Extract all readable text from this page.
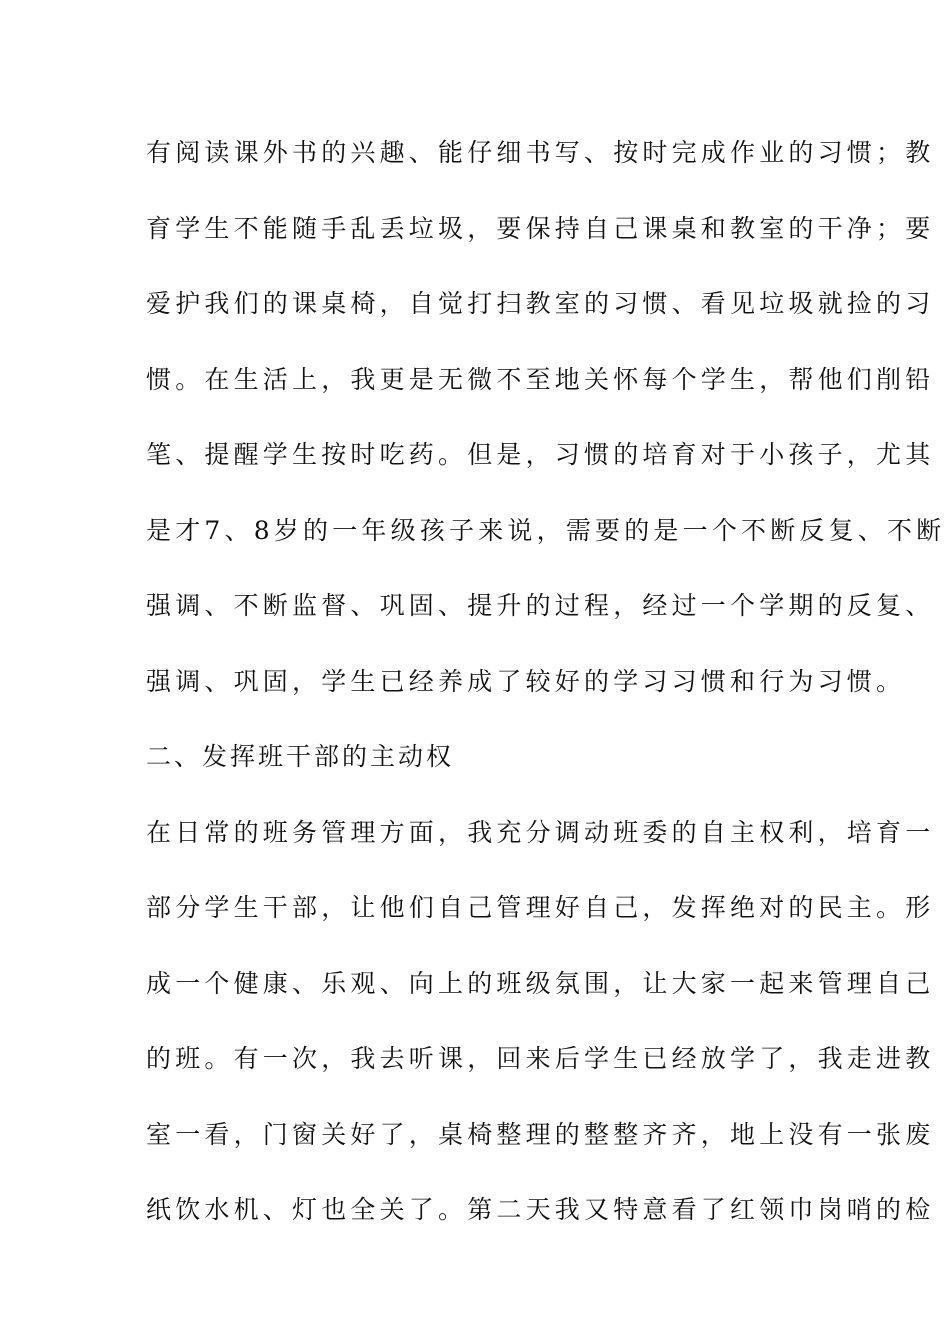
有阅读课外书的兴趣、能仔细书写、按时完成作业的习惯；教
育学生不能随手乱丢垃圾，要保持自己课桌和教室的干净；要
爱护我们的课桌椅，自觉打扫教室的习惯、看见垃圾就捡的习
惯。在生活上，我更是无微不至地关怀每个学生，帮他们削铅
笔、提醒学生按时吃药。但是，习惯的培育对于小孩子，尤其
是才7、8岁的一年级孩子来说，需要的是一个不断反复、不断
强调、不断监督、巩固、提升的过程，经过一个学期的反复、
强调、巩固，学生已经养成了较好的学习习惯和行为习惯。
二、发挥班干部的主动权
在日常的班务管理方面，我充分调动班委的自主权利，培育一
部分学生干部，让他们自己管理好自己，发挥绝对的民主。形
成一个健康、乐观、向上的班级氛围，让大家一起来管理自己
的班。有一次，我去听课，回来后学生已经放学了，我走进教
室一看，门窗关好了，桌椅整理的整整齐齐，地上没有一张废
纸饮水机、灯也全关了。第二天我又特意看了红领巾岗哨的检
